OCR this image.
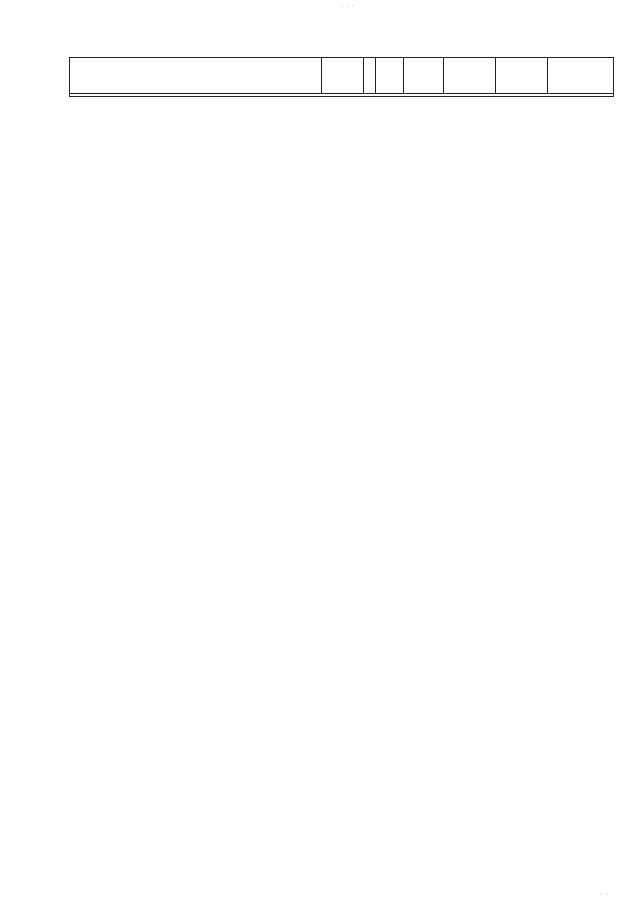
· · ·
· ·
